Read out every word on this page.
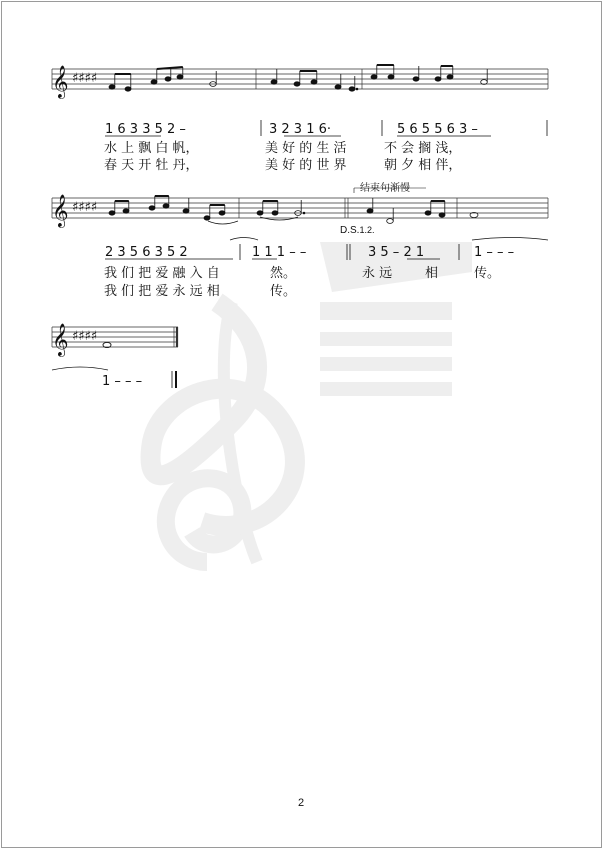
𝄞 ♯♯♯♯
1 6 3 3 5 2 –	3 2 3 1 6·	5 6 5 5 6 3 –
水 上 飘 白 帆，	美 好 的 生 活	不 会 搁 浅，
春 天 开 牡 丹，	美 好 的 世 界	朝 夕 相 伴，
𝄞 ♯♯♯♯
结束句渐慢
D.S.1.2.
2 3 5 6 3 5 2	1 1 1 – –	3 5 – 2 1	1 – – –
我 们 把 爱 融 入 自	然。	永 远	相	传。
我 们 把 爱 永 远 相	传。
𝄞 ♯♯♯♯
1 – – –
2
